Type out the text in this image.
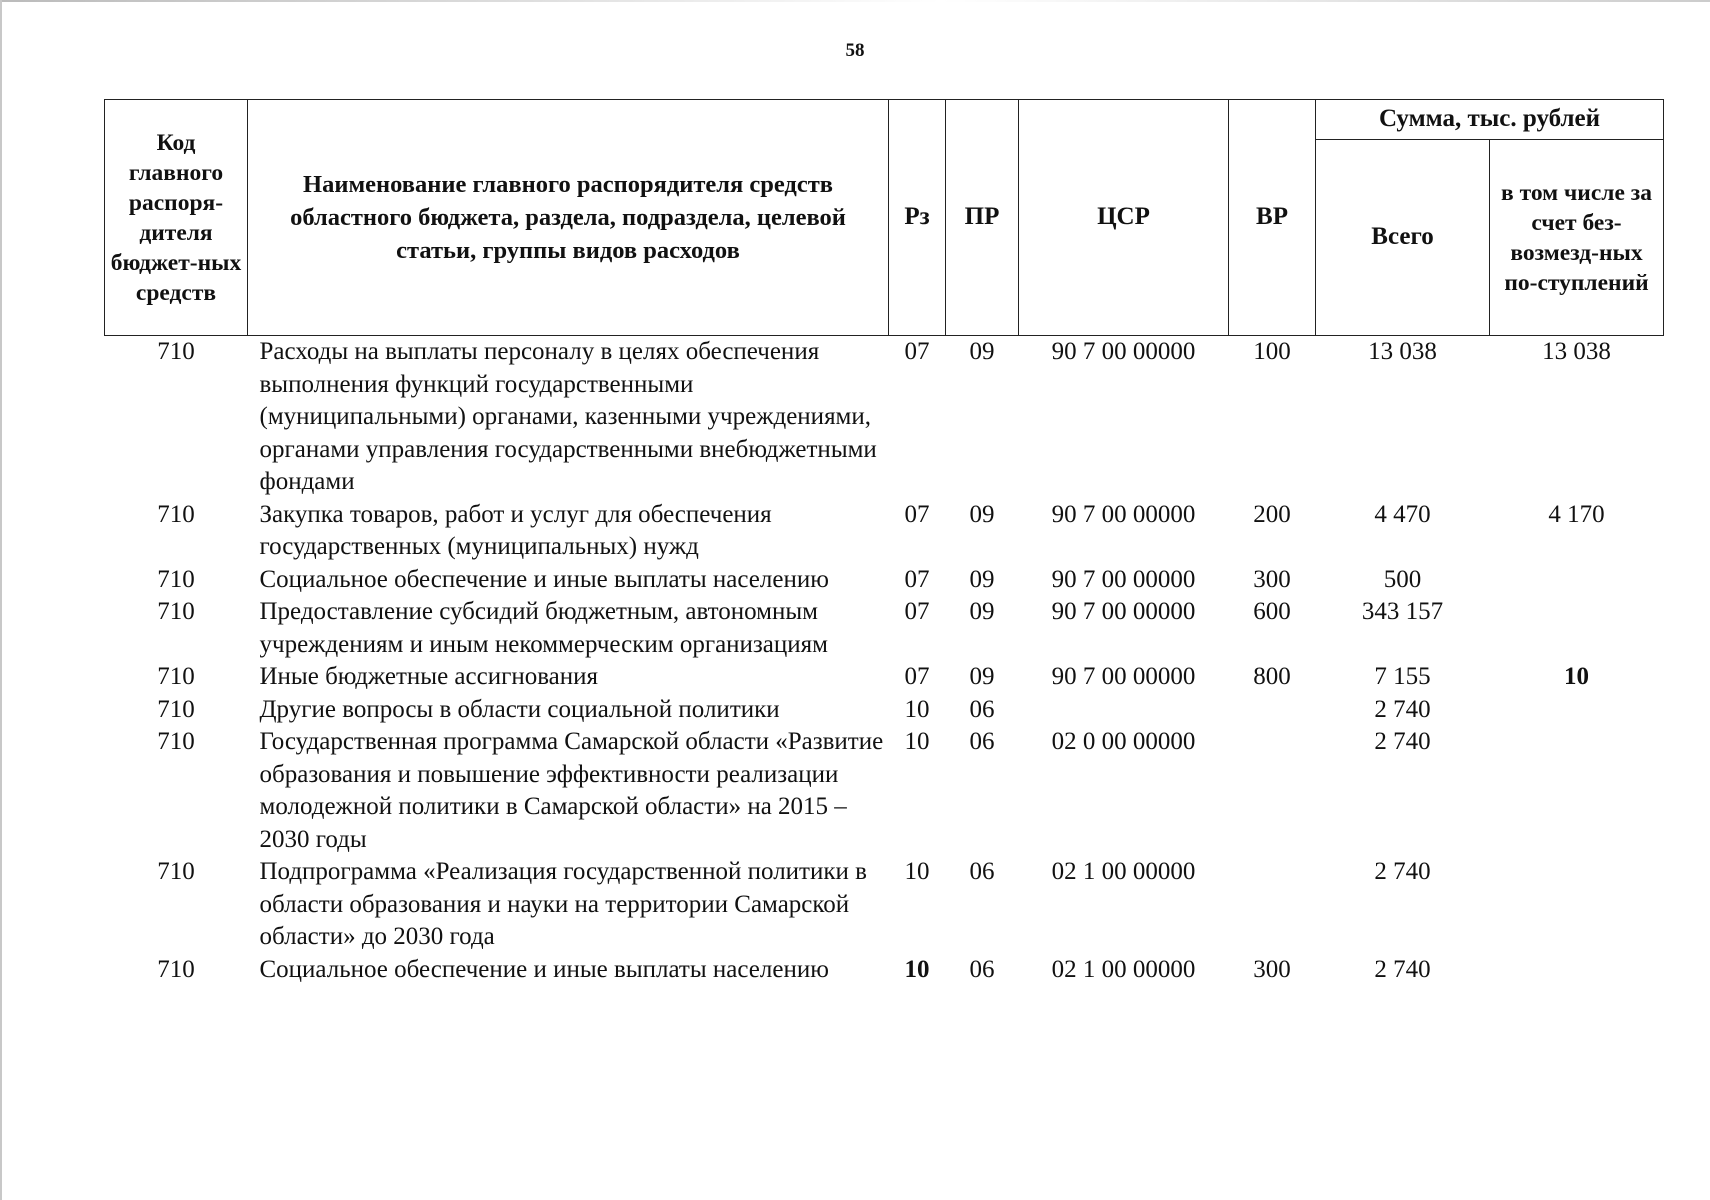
58
Код главного распоря-дителя бюджет-ных средств	Наименование главного распорядителя средств областного бюджета, раздела, подраздела, целевой статьи, группы видов расходов	Рз	ПР	ЦСР	ВР	Сумма, тыс. рублей	
						Всего	в том числе за счет без-возмезд-ных по-ступлений
710	Расходы на выплаты персоналу в целях обеспечения выполнения функций государственными (муниципальными) органами, казенными учреждениями, органами управления государственными внебюджетными фондами	07	09	90 7 00 00000	100	13 038	13 038
710	Закупка товаров, работ и услуг для обеспечения государственных (муниципальных) нужд	07	09	90 7 00 00000	200	4 470	4 170
710	Социальное обеспечение и иные выплаты населению	07	09	90 7 00 00000	300	500	
710	Предоставление субсидий бюджетным, автономным учреждениям и иным некоммерческим организациям	07	09	90 7 00 00000	600	343 157	
710	Иные бюджетные ассигнования	07	09	90 7 00 00000	800	7 155	10
710	Другие вопросы в области социальной политики	10	06			2 740	
710	Государственная программа Самарской области «Развитие образования и повышение эффективности реализации молодежной политики в Самарской области» на 2015 – 2030 годы	10	06	02 0 00 00000		2 740	
710	Подпрограмма «Реализация государственной политики в области образования и науки на территории Самарской области» до 2030 года	10	06	02 1 00 00000		2 740	
710	Социальное обеспечение и иные выплаты населению	10	06	02 1 00 00000	300	2 740	
